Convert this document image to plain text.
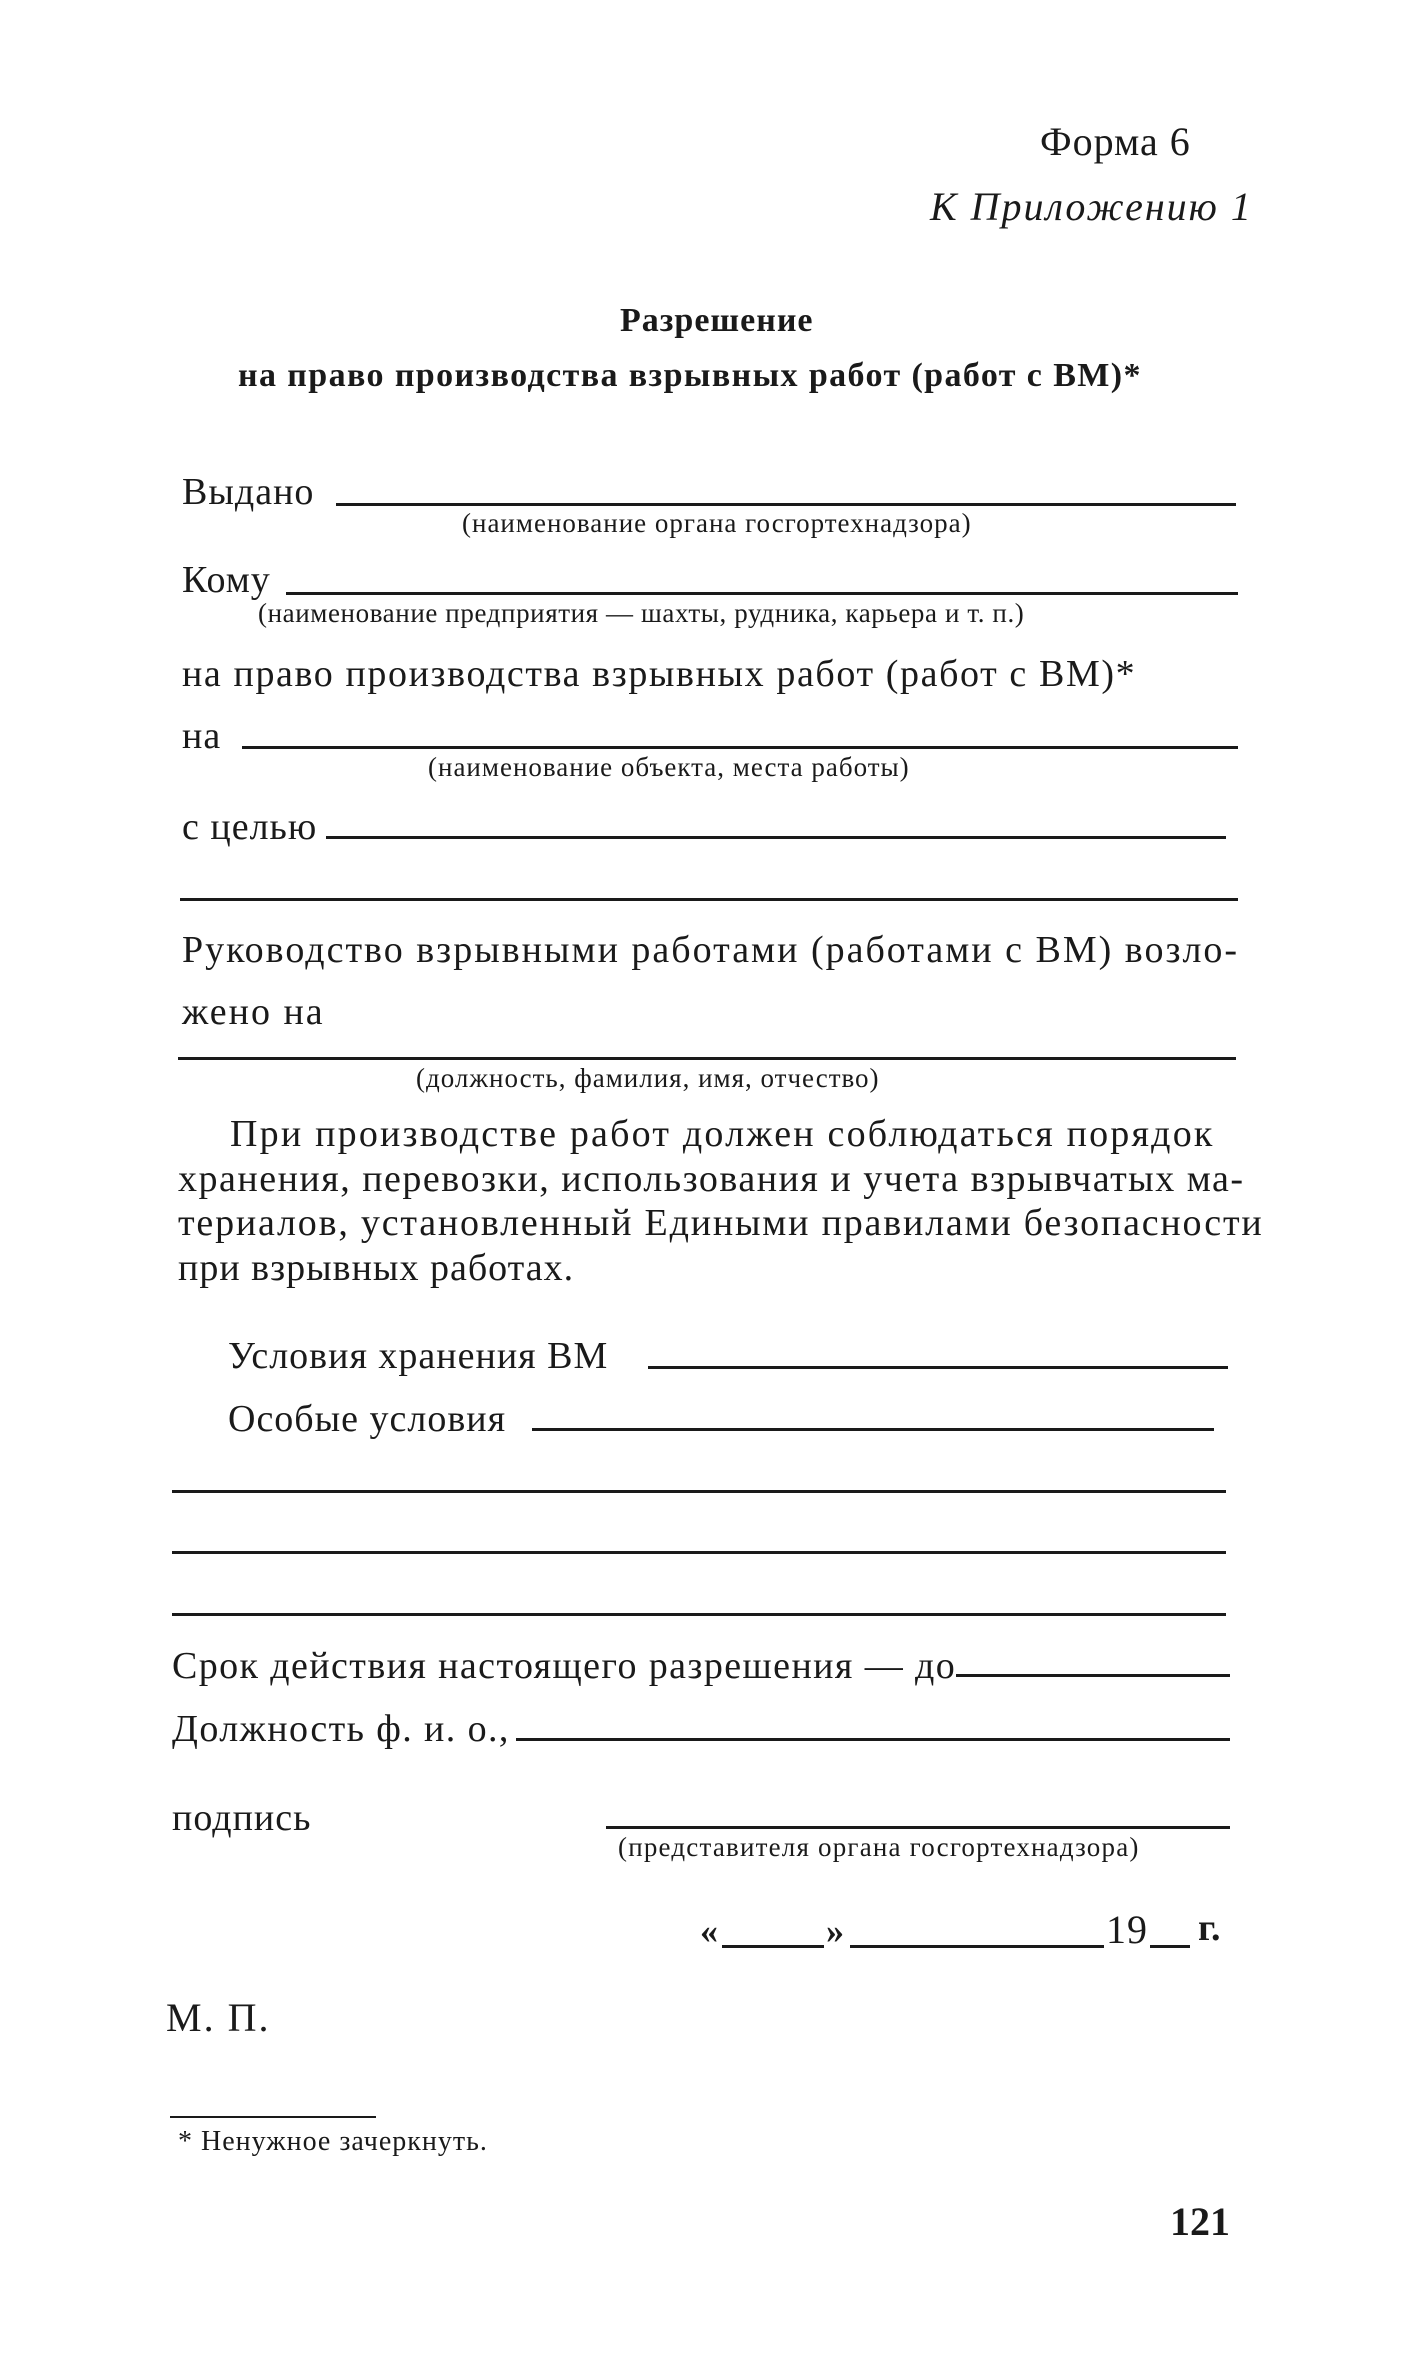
Форма 6
К Приложению 1
Разрешение
на право производства взрывных работ (работ с ВМ)*
Выдано
(наименование органа госгортехнадзора)
Кому
(наименование предприятия — шахты, рудника, карьера и т. п.)
на право производства взрывных работ (работ с ВМ)*
на
(наименование объекта, места работы)
с целью
Руководство взрывными работами (работами с ВМ) возло-
жено на
(должность, фамилия, имя, отчество)
При производстве работ должен соблюдаться порядок
хранения, перевозки, использования и учета взрывчатых ма-
териалов, установленный Едиными правилами безопасности
при взрывных работах.
Условия хранения ВМ
Особые условия
Срок действия настоящего разрешения — до
Должность ф. и. о.,
подпись
(представителя органа госгортехнадзора)
«	»	19 г.
М. П.
* Ненужное зачеркнуть.
121
